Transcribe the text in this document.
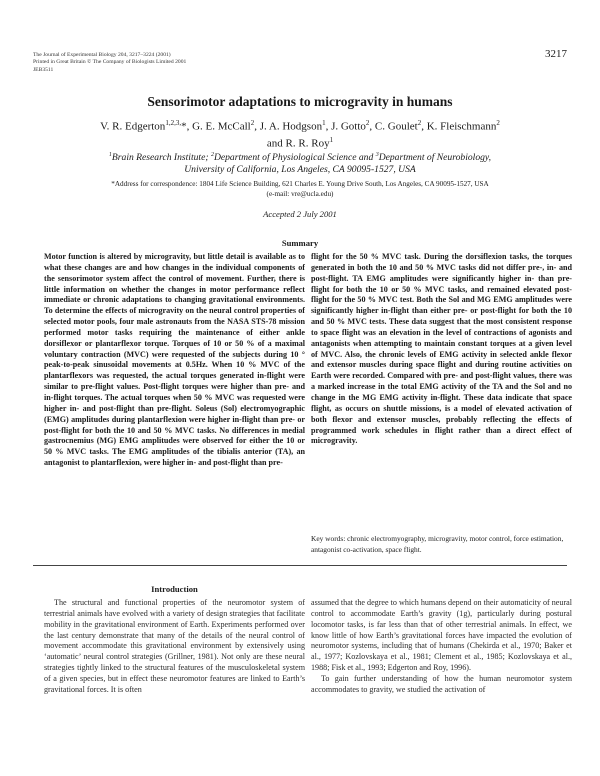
The Journal of Experimental Biology 204, 3217–3224 (2001)
Printed in Great Britain © The Company of Biologists Limited 2001
JEB3511
3217
Sensorimotor adaptations to microgravity in humans
V. R. Edgerton$^{1,2,3,}$*, G. E. McCall$^2$, J. A. Hodgson$^1$, J. Gotto$^2$, C. Goulet$^2$, K. Fleischmann$^2$
and R. R. Roy$^1$
$^1$Brain Research Institute; $^2$Department of Physiological Science and $^3$Department of Neurobiology,
University of California, Los Angeles, CA 90095-1527, USA
*Address for correspondence: 1804 Life Science Building, 621 Charles E. Young Drive South, Los Angeles, CA 90095-1527, USA
(e-mail: vre@ucla.edu)
Accepted 2 July 2001
Summary
Motor function is altered by microgravity, but little detail is available as to what these changes are and how changes in the individual components of the sensorimotor system affect the control of movement. Further, there is little information on whether the changes in motor performance reflect immediate or chronic adaptations to changing gravitational environments. To determine the effects of microgravity on the neural control properties of selected motor pools, four male astronauts from the NASA STS-78 mission performed motor tasks requiring the maintenance of either ankle dorsiflexor or plantarflexor torque. Torques of 10 or 50 % of a maximal voluntary contraction (MVC) were requested of the subjects during 10 ° peak-to-peak sinusoidal movements at 0.5Hz. When 10 % MVC of the plantarflexors was requested, the actual torques generated in-flight were similar to pre-flight values. Post-flight torques were higher than pre- and in-flight torques. The actual torques when 50 % MVC was requested were higher in- and post-flight than pre-flight. Soleus (Sol) electromyographic (EMG) amplitudes during plantarflexion were higher in-flight than pre- or post-flight for both the 10 and 50 % MVC tasks. No differences in medial gastrocnemius (MG) EMG amplitudes were observed for either the 10 or 50 % MVC tasks. The EMG amplitudes of the tibialis anterior (TA), an antagonist to plantarflexion, were higher in- and post-flight than pre-
flight for the 50 % MVC task. During the dorsiflexion tasks, the torques generated in both the 10 and 50 % MVC tasks did not differ pre-, in- and post-flight. TA EMG amplitudes were significantly higher in- than pre-flight for both the 10 or 50 % MVC tasks, and remained elevated post-flight for the 50 % MVC test. Both the Sol and MG EMG amplitudes were significantly higher in-flight than either pre- or post-flight for both the 10 and 50 % MVC tests. These data suggest that the most consistent response to space flight was an elevation in the level of contractions of agonists and antagonists when attempting to maintain constant torques at a given level of MVC. Also, the chronic levels of EMG activity in selected ankle flexor and extensor muscles during space flight and during routine activities on Earth were recorded. Compared with pre- and post-flight values, there was a marked increase in the total EMG activity of the TA and the Sol and no change in the MG EMG activity in-flight. These data indicate that space flight, as occurs on shuttle missions, is a model of elevated activation of both flexor and extensor muscles, probably reflecting the effects of programmed work schedules in flight rather than a direct effect of microgravity.
Key words: chronic electromyography, microgravity, motor control, force estimation, antagonist co-activation, space flight.
Introduction
The structural and functional properties of the neuromotor system of terrestrial animals have evolved with a variety of design strategies that facilitate mobility in the gravitational environment of Earth. Experiments performed over the last century demonstrate that many of the details of the neural control of movement accommodate this gravitational environment by extensively using ‘automatic’ neural control strategies (Grillner, 1981). Not only are these neural strategies tightly linked to the structural features of the musculoskeletal system of a given species, but in effect these neuromotor features are linked to Earth’s gravitational forces. It is often

assumed that the degree to which humans depend on their automaticity of neural control to accommodate Earth’s gravity (1g), particularly during postural locomotor tasks, is far less than that of other terrestrial animals. In effect, we know little of how Earth’s gravitational forces have impacted the evolution of neuromotor systems, including that of humans (Chekirda et al., 1970; Baker et al., 1977; Kozlovskaya et al., 1981; Clement et al., 1985; Kozlovskaya et al., 1988; Fisk et al., 1993; Edgerton and Roy, 1996).

To gain further understanding of how the human neuromotor system accommodates to gravity, we studied the activation of
